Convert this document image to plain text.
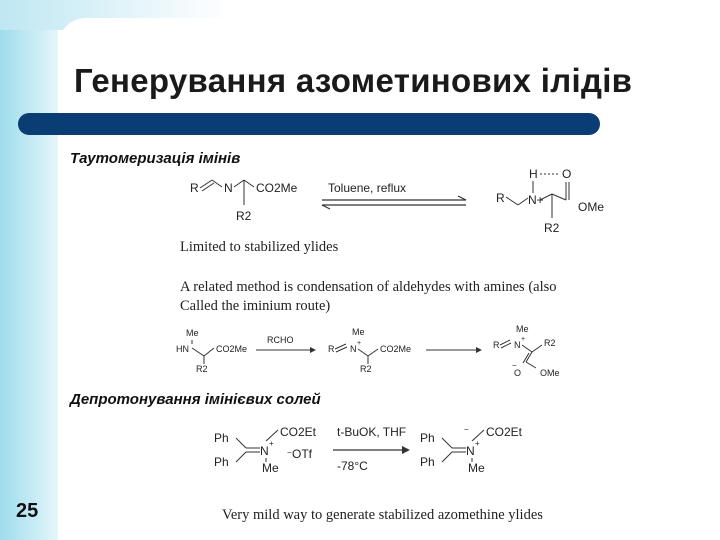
Генерування азометинових ілідів

Таутомеризація імінів

R N CO2Me
R2
Toluene, reflux
H O
R N+	OMe
R2

Limited to stabilized ylides

A related method is condensation of aldehydes with amines (also

Called the iminium route)

Me
HN	CO2Me
R2
RCHO
Me
R N
+
CO2Me
R2
Me
R N
+ R2
O
−
OMe

Депротонування імінієвих солей

Ph
Ph
N
+
CO2Et
Me
− OTf
t-BuOK, THF
-78°C
Ph
Ph
N
+
− CO2Et
Me

Very mild way to generate stabilized azomethine ylides

25
